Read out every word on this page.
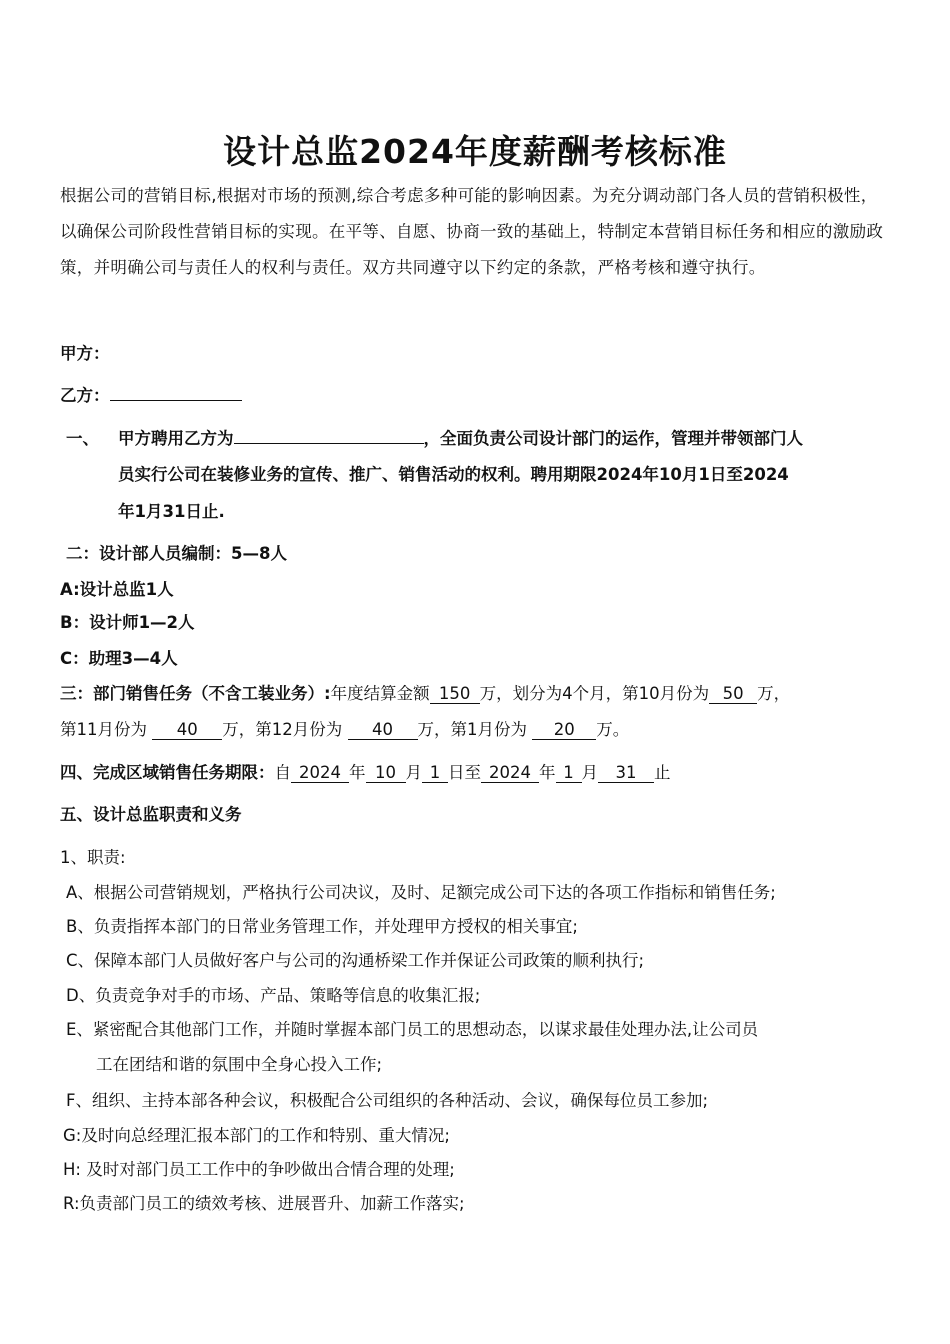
设计总监2024年度薪酬考核标准
根据公司的营销目标,根据对市场的预测,综合考虑多种可能的影响因素。为充分调动部门各人员的营销积极性，以确保公司阶段性营销目标的实现。在平等、自愿、协商一致的基础上，特制定本营销目标任务和相应的激励政策，并明确公司与责任人的权利与责任。双方共同遵守以下约定的条款，严格考核和遵守执行。
甲方：
乙方：
一、 甲方聘用乙方为	，全面负责公司设计部门的运作，管理并带领部门人
员实行公司在装修业务的宣传、推广、销售活动的权利。聘用期限2024年10月1日至2024
年1月31日止.
二：设计部人员编制：5—8人
A:设计总监1人
B：设计师1—2人
C：助理3—4人
三：部门销售任务（不含工装业务）:年度结算金额 150 万，划分为4个月，第10月份为 50 万，
第11月份为 40 万，第12月份为 40 万，第1月份为 20 万。
四、完成区域销售任务期限：自 2024 年 10 月 1 日至 2024 年 1 月 31 止
五、设计总监职责和义务
1、职责:
A、根据公司营销规划，严格执行公司决议，及时、足额完成公司下达的各项工作指标和销售任务;
B、负责指挥本部门的日常业务管理工作，并处理甲方授权的相关事宜;
C、保障本部门人员做好客户与公司的沟通桥梁工作并保证公司政策的顺利执行;
D、负责竞争对手的市场、产品、策略等信息的收集汇报;
E、紧密配合其他部门工作，并随时掌握本部门员工的思想动态，以谋求最佳处理办法,让公司员
工在团结和谐的氛围中全身心投入工作;
F、组织、主持本部各种会议，积极配合公司组织的各种活动、会议，确保每位员工参加;
G:及时向总经理汇报本部门的工作和特别、重大情况;
H: 及时对部门员工工作中的争吵做出合情合理的处理;
R:负责部门员工的绩效考核、进展晋升、加薪工作落实;
